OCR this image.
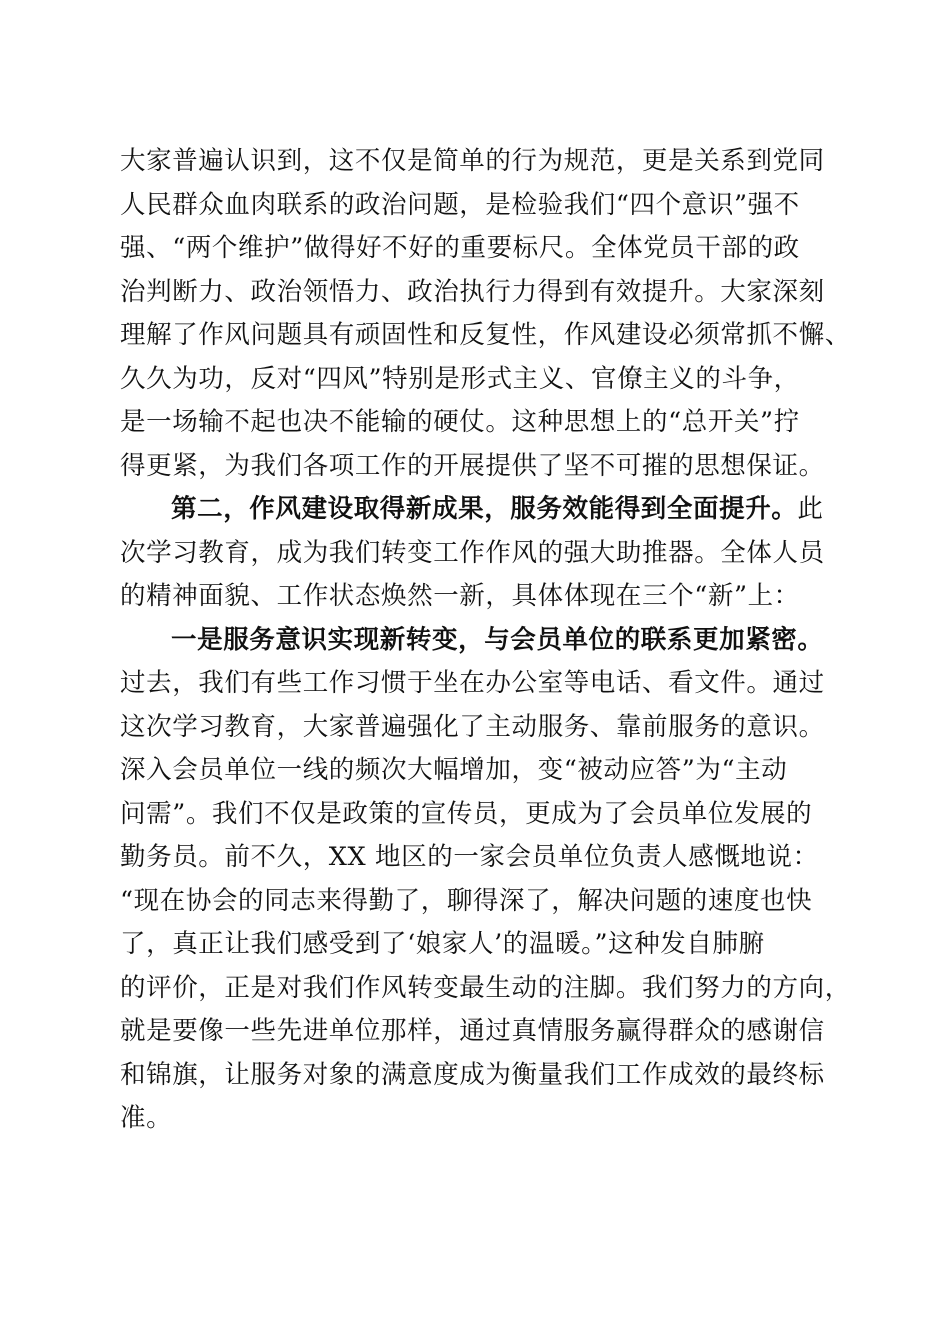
大家普遍认识到，这不仅是简单的行为规范，更是关系到党同
人民群众血肉联系的政治问题，是检验我们“四个意识”强不
强、“两个维护”做得好不好的重要标尺。全体党员干部的政
治判断力、政治领悟力、政治执行力得到有效提升。大家深刻
理解了作风问题具有顽固性和反复性，作风建设必须常抓不懈、
久久为功，反对“四风”特别是形式主义、官僚主义的斗争，
是一场输不起也决不能输的硬仗。这种思想上的“总开关”拧
得更紧，为我们各项工作的开展提供了坚不可摧的思想保证。
第二，作风建设取得新成果，服务效能得到全面提升。此
次学习教育，成为我们转变工作作风的强大助推器。全体人员
的精神面貌、工作状态焕然一新，具体体现在三个“新”上：
一是服务意识实现新转变，与会员单位的联系更加紧密。
过去，我们有些工作习惯于坐在办公室等电话、看文件。通过
这次学习教育，大家普遍强化了主动服务、靠前服务的意识。
深入会员单位一线的频次大幅增加，变“被动应答”为“主动
问需”。我们不仅是政策的宣传员，更成为了会员单位发展的
勤务员。前不久，XX 地区的一家会员单位负责人感慨地说：
“现在协会的同志来得勤了，聊得深了，解决问题的速度也快
了，真正让我们感受到了‘娘家人’的温暖。”这种发自肺腑
的评价，正是对我们作风转变最生动的注脚。我们努力的方向，
就是要像一些先进单位那样，通过真情服务赢得群众的感谢信
和锦旗，让服务对象的满意度成为衡量我们工作成效的最终标
准。
